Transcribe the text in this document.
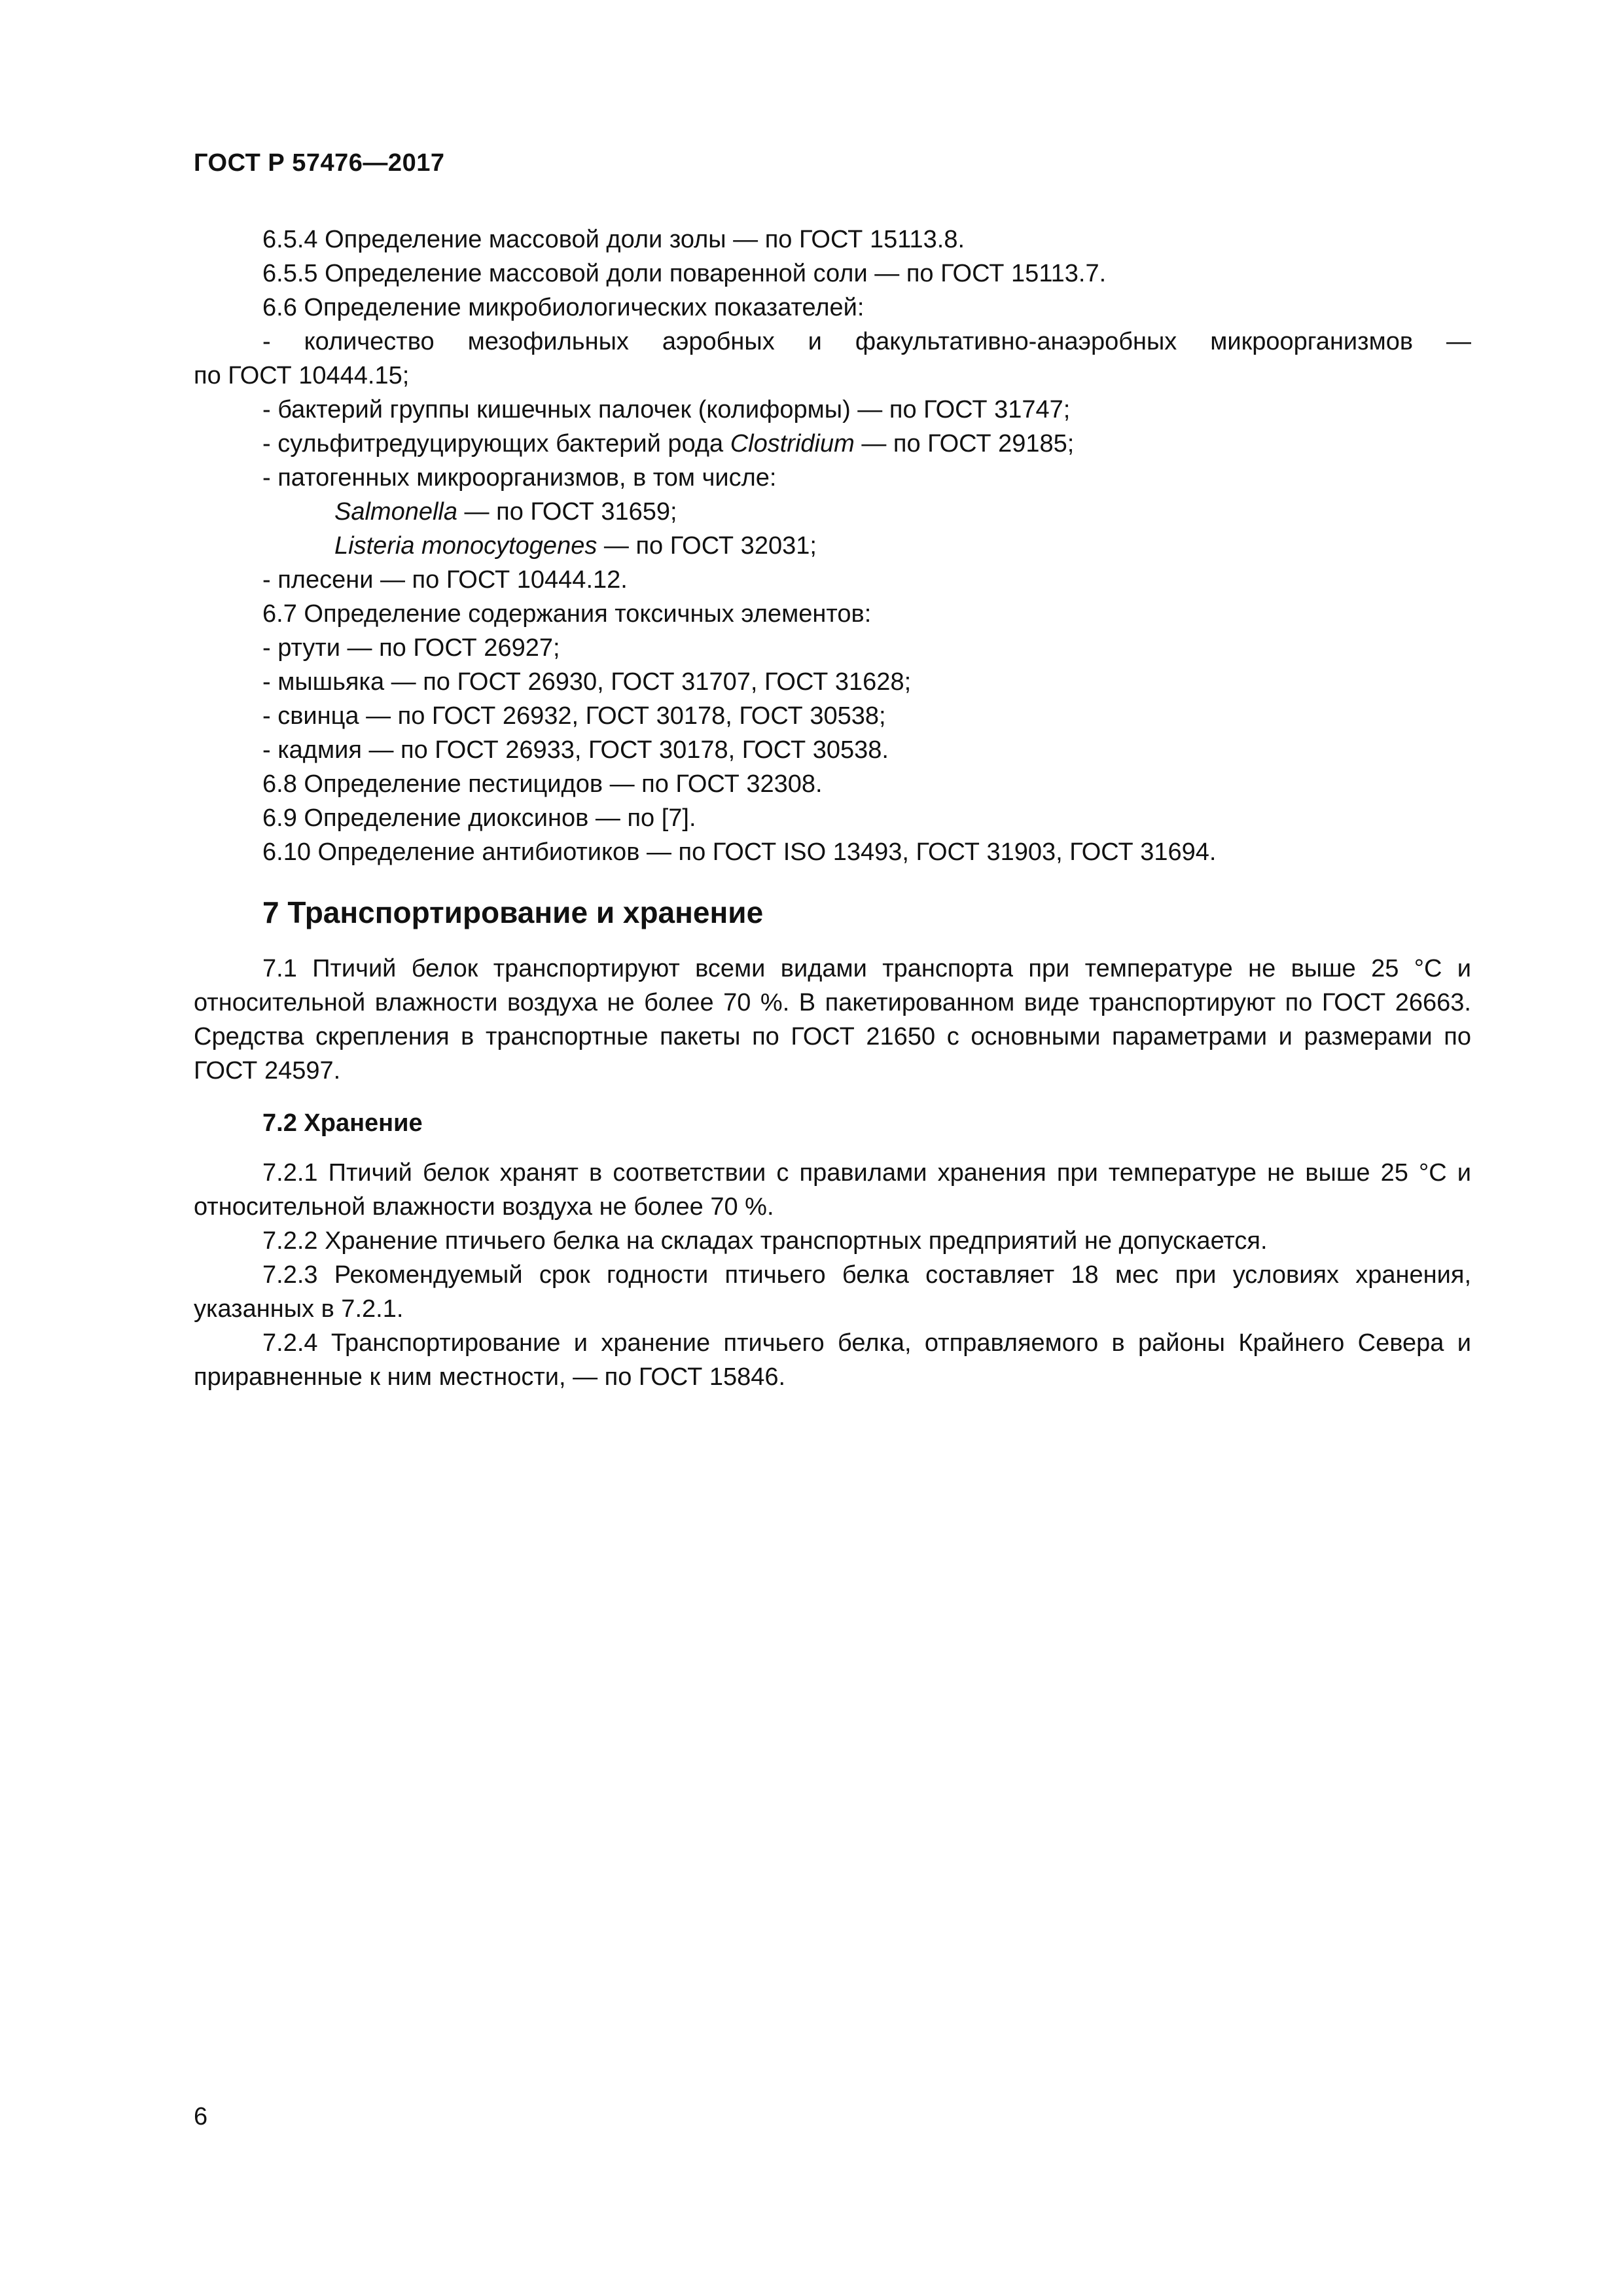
ГОСТ Р 57476—2017

6.5.4 Определение массовой доли золы — по ГОСТ 15113.8.

6.5.5 Определение массовой доли поваренной соли — по ГОСТ 15113.7.

6.6 Определение микробиологических показателей:

- количество мезофильных аэробных и факультативно-анаэробных микроорганизмов —

по ГОСТ 10444.15;

- бактерий группы кишечных палочек (колиформы) — по ГОСТ 31747;

- сульфитредуцирующих бактерий рода Clostridium — по ГОСТ 29185;

- патогенных микроорганизмов, в том числе:

Salmonella — по ГОСТ 31659;

Listeria monocytogenes — по ГОСТ 32031;

- плесени — по ГОСТ 10444.12.

6.7 Определение содержания токсичных элементов:

- ртути — по ГОСТ 26927;

- мышьяка — по ГОСТ 26930, ГОСТ 31707, ГОСТ 31628;

- свинца — по ГОСТ 26932, ГОСТ 30178, ГОСТ 30538;

- кадмия — по ГОСТ 26933, ГОСТ 30178, ГОСТ 30538.

6.8 Определение пестицидов — по ГОСТ 32308.

6.9 Определение диоксинов — по [7].

6.10 Определение антибиотиков — по ГОСТ ISO 13493, ГОСТ 31903, ГОСТ 31694.

7 Транспортирование и хранение

7.1 Птичий белок транспортируют всеми видами транспорта при температуре не выше 25 °С и относительной влажности воздуха не более 70 %. В пакетированном виде транспортируют по ГОСТ 26663. Средства скрепления в транспортные пакеты по ГОСТ 21650 с основными параметрами и размерами по ГОСТ 24597.

7.2 Хранение

7.2.1 Птичий белок хранят в соответствии с правилами хранения при температуре не выше 25 °С и относительной влажности воздуха не более 70 %.

7.2.2 Хранение птичьего белка на складах транспортных предприятий не допускается.

7.2.3 Рекомендуемый срок годности птичьего белка составляет 18 мес при условиях хранения, указанных в 7.2.1.

7.2.4 Транспортирование и хранение птичьего белка, отправляемого в районы Крайнего Севера и приравненные к ним местности, — по ГОСТ 15846.

6
